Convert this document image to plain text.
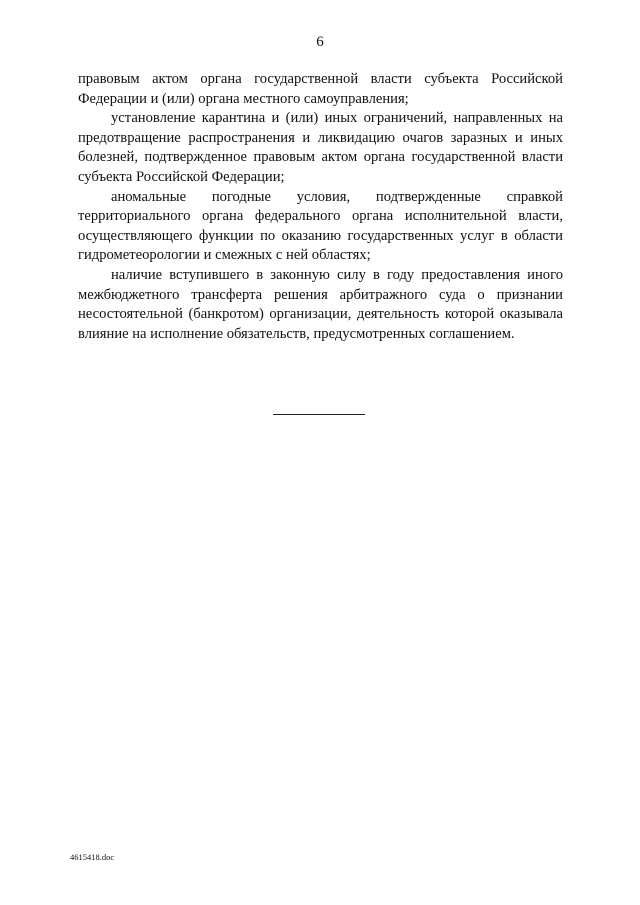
6

правовым актом органа государственной власти субъекта Российской Федерации и (или) органа местного самоуправления;

установление карантина и (или) иных ограничений, направленных на предотвращение распространения и ликвидацию очагов заразных и иных болезней, подтвержденное правовым актом органа государственной власти субъекта Российской Федерации;

аномальные погодные условия, подтвержденные справкой территориального органа федерального органа исполнительной власти, осуществляющего функции по оказанию государственных услуг в области гидрометеорологии и смежных с ней областях;

наличие вступившего в законную силу в году предоставления иного межбюджетного трансферта решения арбитражного суда о признании несостоятельной (банкротом) организации, деятельность которой оказывала влияние на исполнение обязательств, предусмотренных соглашением.

4615418.doc
